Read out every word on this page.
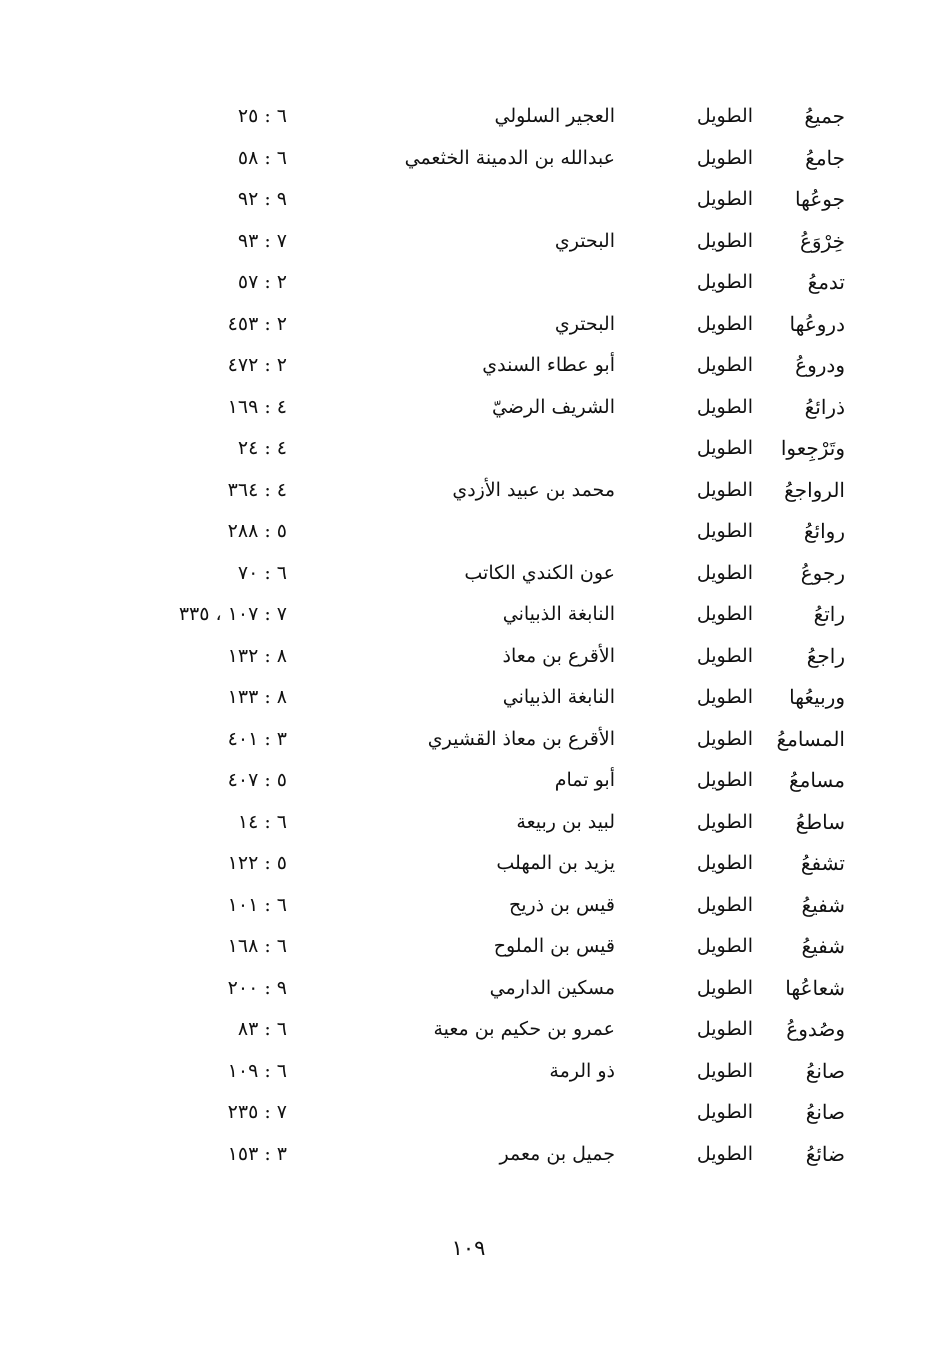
جميعُ
الطويل
العجير السلولي
٦ : ٢٥
جامعُ
الطويل
عبدالله بن الدمينة الخثعمي
٦ : ٥٨
جوعُها
الطويل
٩ : ٩٢
خِرْوَعُ
الطويل
البحتري
٧ : ٩٣
تدمعُ
الطويل
٢ : ٥٧
دروعُها
الطويل
البحتري
٢ : ٤٥٣
ودروعُ
الطويل
أبو عطاء السندي
٢ : ٤٧٢
ذرائعُ
الطويل
الشريف الرضيّ
٤ : ١٦٩
وتَرْجِعوا
الطويل
٤ : ٢٤
الرواجعُ
الطويل
محمد بن عبيد الأزدي
٤ : ٣٦٤
روائعُ
الطويل
٥ : ٢٨٨
رجوعُ
الطويل
عون الكندي الكاتب
٦ : ٧٠
راتعُ
الطويل
النابغة الذبياني
٧ : ١٠٧ ، ٣٣٥
راجعُ
الطويل
الأقرع بن معاذ
٨ : ١٣٢
وربيعُها
الطويل
النابغة الذبياني
٨ : ١٣٣
المسامعُ
الطويل
الأقرع بن معاذ القشيري
٣ : ٤٠١
مسامعُ
الطويل
أبو تمام
٥ : ٤٠٧
ساطعُ
الطويل
لبيد بن ربيعة
٦ : ١٤
تشفعُ
الطويل
يزيد بن المهلب
٥ : ١٢٢
شفيعُ
الطويل
قيس بن ذريح
٦ : ١٠١
شفيعُ
الطويل
قيس بن الملوح
٦ : ١٦٨
شعاعُها
الطويل
مسكين الدارمي
٩ : ٢٠٠
وصُدوعُ
الطويل
عمرو بن حكيم بن معية
٦ : ٨٣
صانعُ
الطويل
ذو الرمة
٦ : ١٠٩
صانعُ
الطويل
٧ : ٢٣٥
ضائعُ
الطويل
جميل بن معمر
٣ : ١٥٣
١٠٩
